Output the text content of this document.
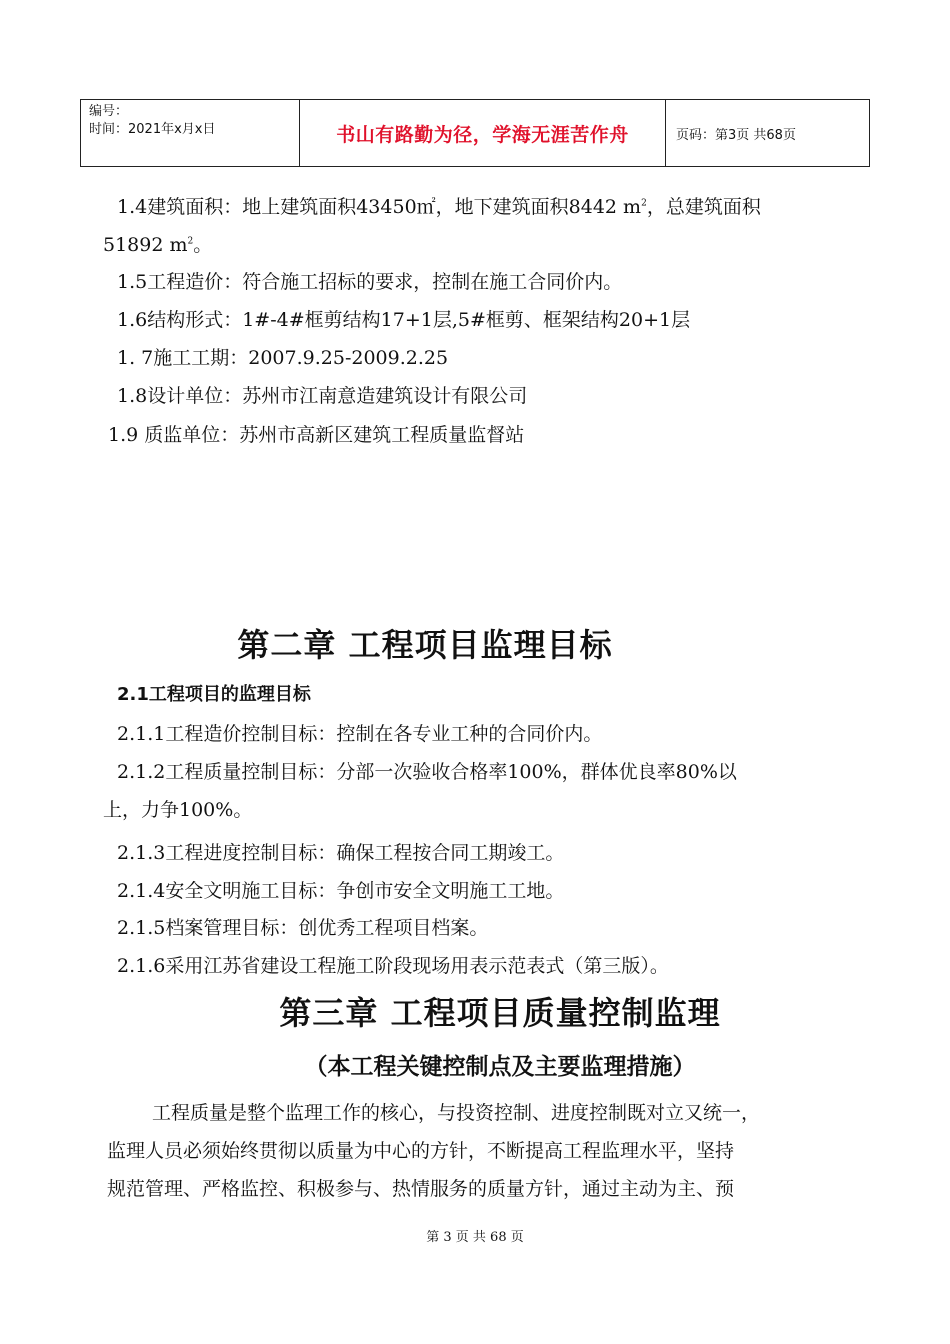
编号：
时间：2021年x月x日	书山有路勤为径，学海无涯苦作舟	页码：第3页 共68页
1.4建筑面积：地上建筑面积43450㎡，地下建筑面积8442 $m^2$，总建筑面积
51892 $m^2$。
1.5工程造价：符合施工招标的要求，控制在施工合同价内。
1.6结构形式：1#-4#框剪结构17+1层,5#框剪、框架结构20+1层
1. 7施工工期：2007.9.25-2009.2.25
1.8设计单位：苏州市江南意造建筑设计有限公司
1.9 质监单位：苏州市高新区建筑工程质量监督站
第二章 工程项目监理目标
2.1工程项目的监理目标
2.1.1工程造价控制目标：控制在各专业工种的合同价内。
2.1.2工程质量控制目标：分部一次验收合格率100%，群体优良率80%以
上，力争100%。
2.1.3工程进度控制目标：确保工程按合同工期竣工。
2.1.4安全文明施工目标：争创市安全文明施工工地。
2.1.5档案管理目标：创优秀工程项目档案。
2.1.6采用江苏省建设工程施工阶段现场用表示范表式（第三版）。
第三章 工程项目质量控制监理
（本工程关键控制点及主要监理措施）
工程质量是整个监理工作的核心，与投资控制、进度控制既对立又统一，
监理人员必须始终贯彻以质量为中心的方针，不断提高工程监理水平，坚持
规范管理、严格监控、积极参与、热情服务的质量方针，通过主动为主、预
第 3 页 共 68 页
